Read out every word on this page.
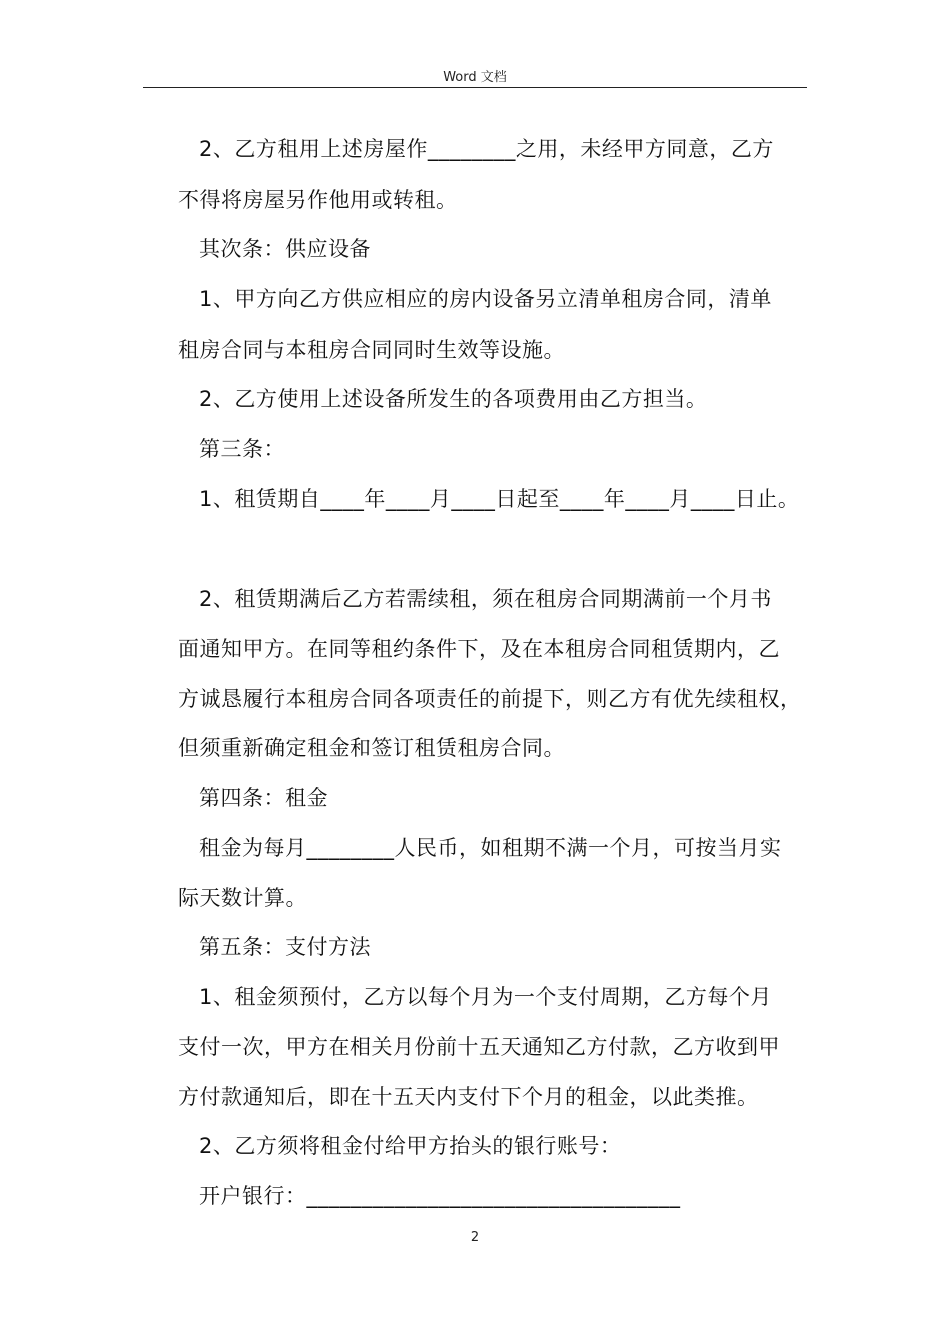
Word 文档
2、乙方租用上述房屋作________之用，未经甲方同意，乙方
不得将房屋另作他用或转租。
其次条：供应设备
1、甲方向乙方供应相应的房内设备另立清单租房合同，清单
租房合同与本租房合同同时生效等设施。
2、乙方使用上述设备所发生的各项费用由乙方担当。
第三条：
1、租赁期自____年____月____日起至____年____月____日止。
2、租赁期满后乙方若需续租，须在租房合同期满前一个月书
面通知甲方。在同等租约条件下，及在本租房合同租赁期内，乙
方诚恳履行本租房合同各项责任的前提下，则乙方有优先续租权，
但须重新确定租金和签订租赁租房合同。
第四条：租金
租金为每月________人民币，如租期不满一个月，可按当月实
际天数计算。
第五条：支付方法
1、租金须预付，乙方以每个月为一个支付周期，乙方每个月
支付一次，甲方在相关月份前十五天通知乙方付款，乙方收到甲
方付款通知后，即在十五天内支付下个月的租金，以此类推。
2、乙方须将租金付给甲方抬头的银行账号：
开户银行：__________________________________
2
